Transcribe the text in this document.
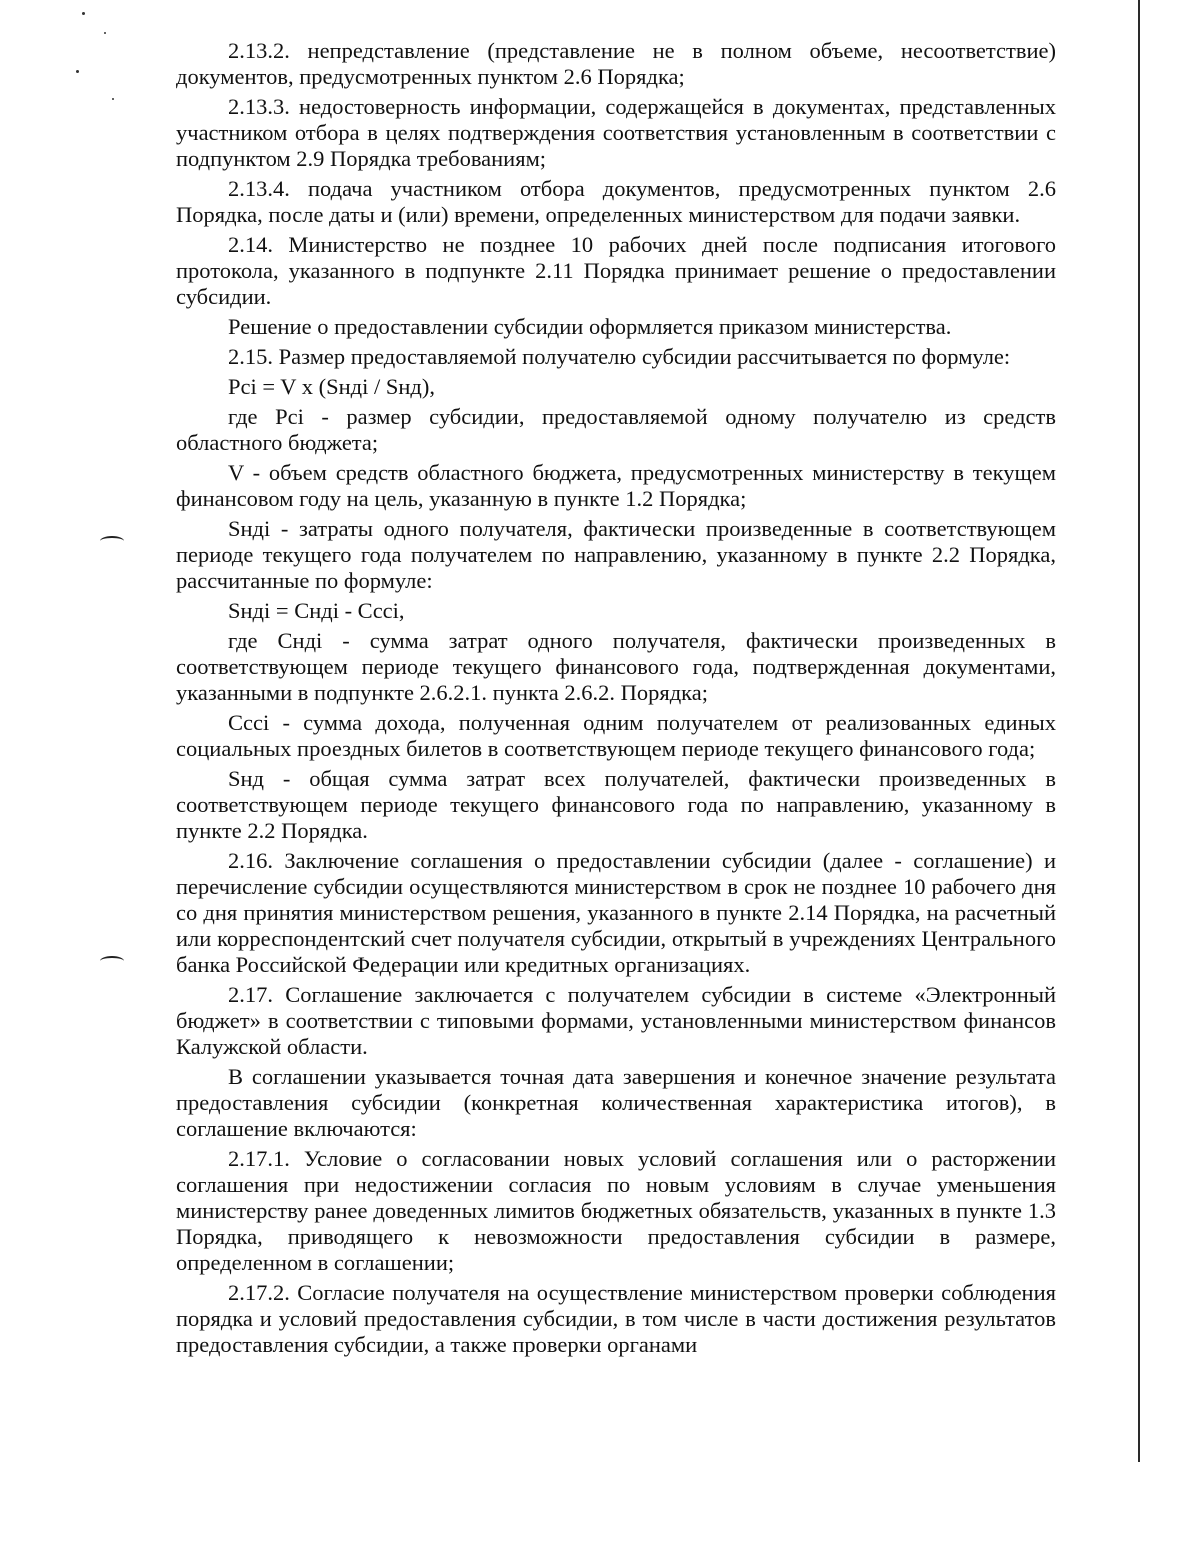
2.13.2. непредставление (представление не в полном объеме, несоответствие) документов, предусмотренных пунктом 2.6 Порядка;

2.13.3. недостоверность информации, содержащейся в документах, представленных участником отбора в целях подтверждения соответствия установленным в соответствии с подпунктом 2.9 Порядка требованиям;

2.13.4. подача участником отбора документов, предусмотренных пунктом 2.6 Порядка, после даты и (или) времени, определенных министерством для подачи заявки.

2.14. Министерство не позднее 10 рабочих дней после подписания итогового протокола, указанного в подпункте 2.11 Порядка принимает решение о предоставлении субсидии.

Решение о предоставлении субсидии оформляется приказом министерства.

2.15. Размер предоставляемой получателю субсидии рассчитывается по формуле:

Pci = V x (Sндi / Sнд),

где Pci - размер субсидии, предоставляемой одному получателю из средств областного бюджета;

V - объем средств областного бюджета, предусмотренных министерству в текущем финансовом году на цель, указанную в пункте 1.2 Порядка;

Sндi - затраты одного получателя, фактически произведенные в соответствующем периоде текущего года получателем по направлению, указанному в пункте 2.2 Порядка, рассчитанные по формуле:

Sндi = Cндi - Cсci,

где Cндi - сумма затрат одного получателя, фактически произведенных в соответствующем периоде текущего финансового года, подтвержденная документами, указанными в подпункте 2.6.2.1. пункта 2.6.2. Порядка;

Cсci - сумма дохода, полученная одним получателем от реализованных единых социальных проездных билетов в соответствующем периоде текущего финансового года;

Sнд - общая сумма затрат всех получателей, фактически произведенных в соответствующем периоде текущего финансового года по направлению, указанному в пункте 2.2 Порядка.

2.16. Заключение соглашения о предоставлении субсидии (далее - соглашение) и перечисление субсидии осуществляются министерством в срок не позднее 10 рабочего дня со дня принятия министерством решения, указанного в пункте 2.14 Порядка, на расчетный или корреспондентский счет получателя субсидии, открытый в учреждениях Центрального банка Российской Федерации или кредитных организациях.

2.17. Соглашение заключается с получателем субсидии в системе «Электронный бюджет» в соответствии с типовыми формами, установленными министерством финансов Калужской области.

В соглашении указывается точная дата завершения и конечное значение результата предоставления субсидии (конкретная количественная характеристика итогов), в соглашение включаются:

2.17.1. Условие о согласовании новых условий соглашения или о расторжении соглашения при недостижении согласия по новым условиям в случае уменьшения министерству ранее доведенных лимитов бюджетных обязательств, указанных в пункте 1.3 Порядка, приводящего к невозможности предоставления субсидии в размере, определенном в соглашении;

2.17.2. Согласие получателя на осуществление министерством проверки соблюдения порядка и условий предоставления субсидии, в том числе в части достижения результатов предоставления субсидии, а также проверки органами
